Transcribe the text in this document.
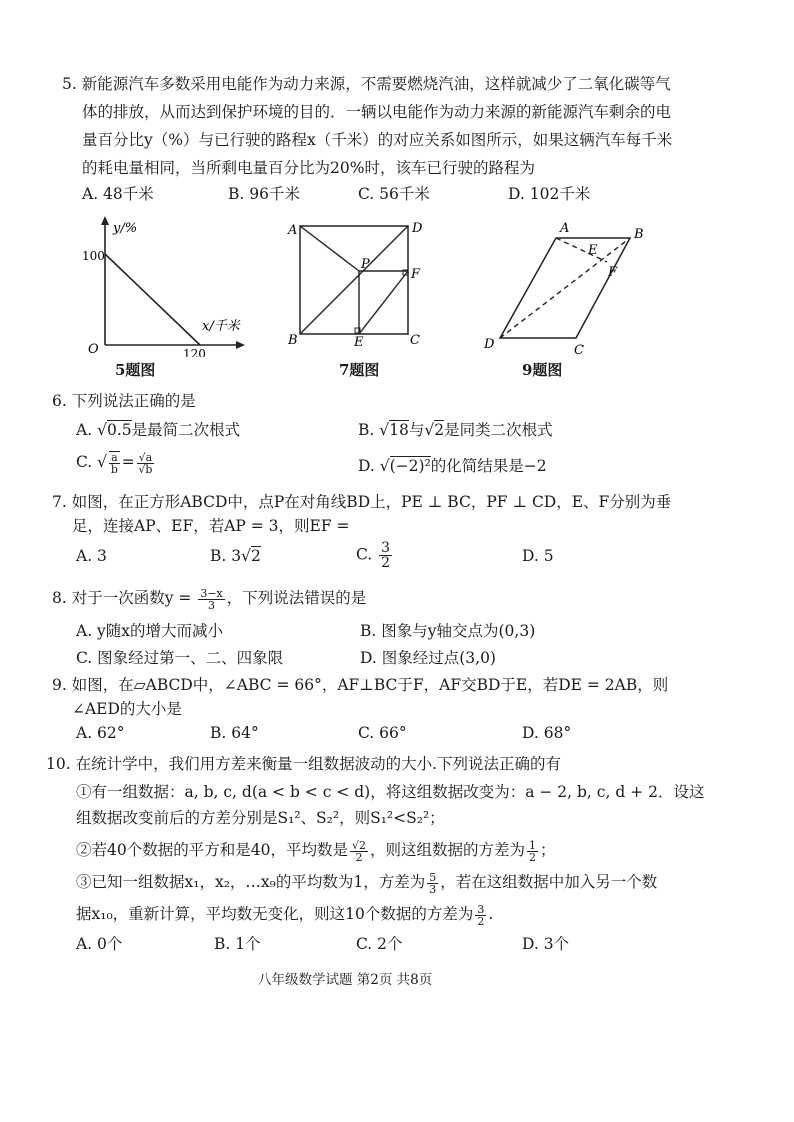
5. 新能源汽车多数采用电能作为动力来源，不需要燃烧汽油，这样就减少了二氧化碳等气
体的排放，从而达到保护环境的目的．一辆以电能作为动力来源的新能源汽车剩余的电
量百分比y（%）与已行驶的路程x（千米）的对应关系如图所示，如果这辆汽车每千米
的耗电量相同，当所剩电量百分比为20%时，该车已行驶的路程为
A. 48千米	B. 96千米	C. 56千米	D. 102千米
y/%
x/千米
O
100
120
5题图
A	D
B	C
P
E
F
7题图
A	B
C
D
E
F
9题图
6. 下列说法正确的是
A. √0.5是最简二次根式	B. √18与√2是同类二次根式
C. √ $\frac{a}{b} = \frac{√a}{√b}$	D. √(−2)²的化简结果是−2
7. 如图，在正方形ABCD中，点P在对角线BD上，PE ⊥ BC，PF ⊥ CD，E、F分别为垂
足，连接AP、EF，若AP = 3，则EF =
A. 3	B. 3√2	C. $\frac{3}{2}$	D. 5
8. 对于一次函数$y = \frac{3-x}{3}$ ，下列说法错误的是
A. y随x的增大而减小	B. 图象与y轴交点为(0,3)
C. 图象经过第一、二、四象限	D. 图象经过点(3,0)
9. 如图，在▱ABCD中，∠ABC = 66°，AF⊥BC于F，AF交BD于E，若DE = 2AB，则
∠AED的大小是
A. 62°	B. 64°	C. 66°	D. 68°
10. 在统计学中，我们用方差来衡量一组数据波动的大小.下列说法正确的有
①有一组数据：a, b, c, d(a < b < c < d)，将这组数据改变为：a − 2, b, c, d + 2．设这
组数据改变前后的方差分别是S₁²、S₂²，则S₁²<S₂²；
②若40个数据的平方和是40，平均数是 $\frac{√2}{2}$ ，则这组数据的方差为 $\frac{1}{2}$ ；
③已知一组数据x₁，x₂，…x₉的平均数为1，方差为 $\frac{5}{3}$ ，若在这组数据中加入另一个数
据x₁₀，重新计算，平均数无变化，则这10个数据的方差为 $\frac{3}{2}$ .
A. 0个	B. 1个	C. 2个	D. 3个
八年级数学试题 第2页 共8页
